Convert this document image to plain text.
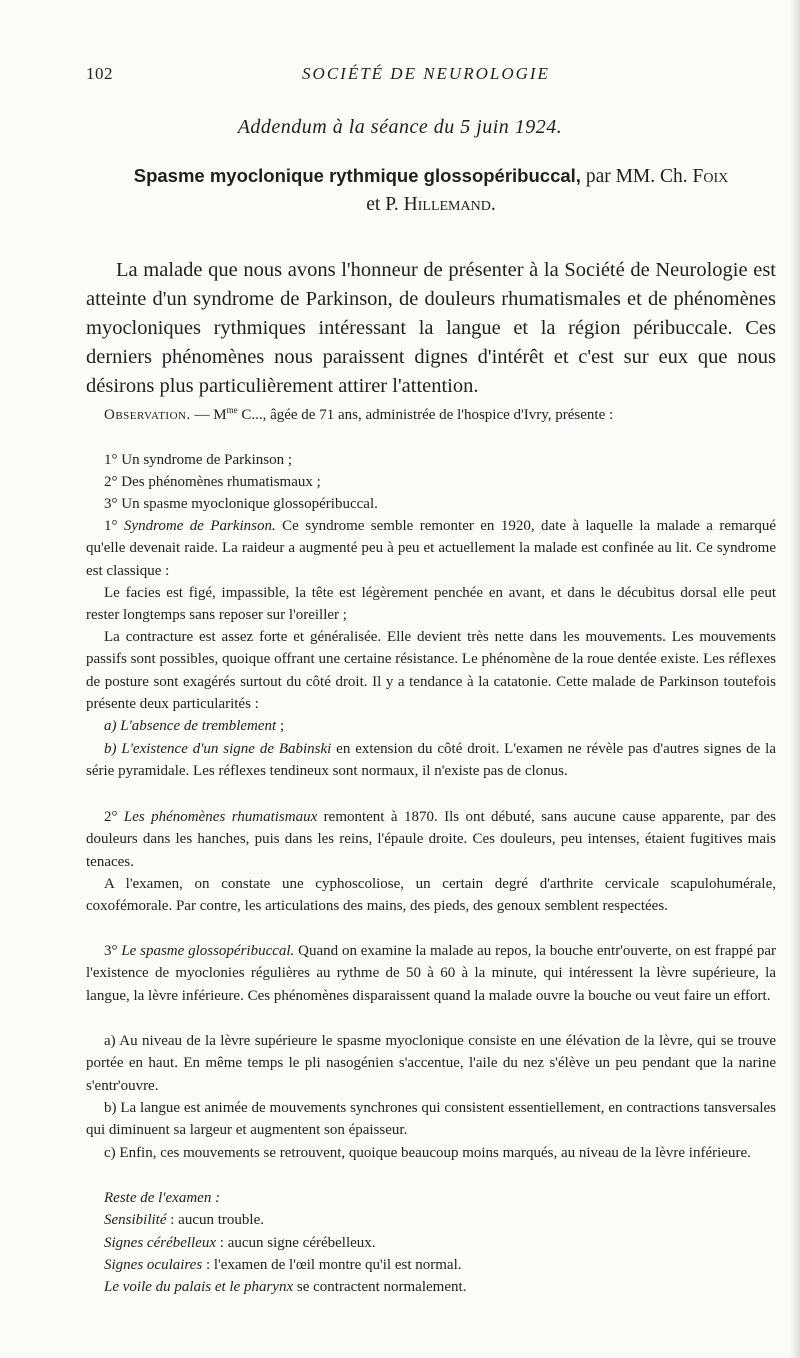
102	SOCIÉTÉ DE NEUROLOGIE
Addendum à la séance du 5 juin 1924.
Spasme myoclonique rythmique glossopéribuccal, par MM. Ch. Foix
et P. Hillemand.

La malade que nous avons l'honneur de présenter à la Société de Neurologie est atteinte d'un syndrome de Parkinson, de douleurs rhumatismales et de phénomènes myocloniques rythmiques intéressant la langue et la région péribuccale. Ces derniers phénomènes nous paraissent dignes d'intérêt et c'est sur eux que nous désirons plus particulièrement attirer l'attention.

Observation. — $M^{me}$ C..., âgée de 71 ans, administrée de l'hospice d'Ivry, présente :

1° Un syndrome de Parkinson ;

2° Des phénomènes rhumatismaux ;

3° Un spasme myoclonique glossopéribuccal.

1° Syndrome de Parkinson. Ce syndrome semble remonter en 1920, date à laquelle la malade a remarqué qu'elle devenait raide. La raideur a augmenté peu à peu et actuellement la malade est confinée au lit. Ce syndrome est classique :

Le facies est figé, impassible, la tête est légèrement penchée en avant, et dans le décubitus dorsal elle peut rester longtemps sans reposer sur l'oreiller ;

La contracture est assez forte et généralisée. Elle devient très nette dans les mouvements. Les mouvements passifs sont possibles, quoique offrant une certaine résistance. Le phénomène de la roue dentée existe. Les réflexes de posture sont exagérés surtout du côté droit. Il y a tendance à la catatonie. Cette malade de Parkinson toutefois présente deux particularités :

a) L'absence de tremblement ;

b) L'existence d'un signe de Babinski en extension du côté droit. L'examen ne révèle pas d'autres signes de la série pyramidale. Les réflexes tendineux sont normaux, il n'existe pas de clonus.

2° Les phénomènes rhumatismaux remontent à 1870. Ils ont débuté, sans aucune cause apparente, par des douleurs dans les hanches, puis dans les reins, l'épaule droite. Ces douleurs, peu intenses, étaient fugitives mais tenaces.

A l'examen, on constate une cyphoscoliose, un certain degré d'arthrite cervicale scapulohumérale, coxofémorale. Par contre, les articulations des mains, des pieds, des genoux semblent respectées.

3° Le spasme glossopéribuccal. Quand on examine la malade au repos, la bouche entr'ouverte, on est frappé par l'existence de myoclonies régulières au rythme de 50 à 60 à la minute, qui intéressent la lèvre supérieure, la langue, la lèvre inférieure. Ces phénomènes disparaissent quand la malade ouvre la bouche ou veut faire un effort.

a) Au niveau de la lèvre supérieure le spasme myoclonique consiste en une élévation de la lèvre, qui se trouve portée en haut. En même temps le pli nasogénien s'accentue, l'aile du nez s'élève un peu pendant que la narine s'entr'ouvre.

b) La langue est animée de mouvements synchrones qui consistent essentiellement, en contractions tansversales qui diminuent sa largeur et augmentent son épaisseur.

c) Enfin, ces mouvements se retrouvent, quoique beaucoup moins marqués, au niveau de la lèvre inférieure.

Reste de l'examen :

Sensibilité : aucun trouble.

Signes cérébelleux : aucun signe cérébelleux.

Signes oculaires : l'examen de l'œil montre qu'il est normal.

Le voile du palais et le pharynx se contractent normalement.
